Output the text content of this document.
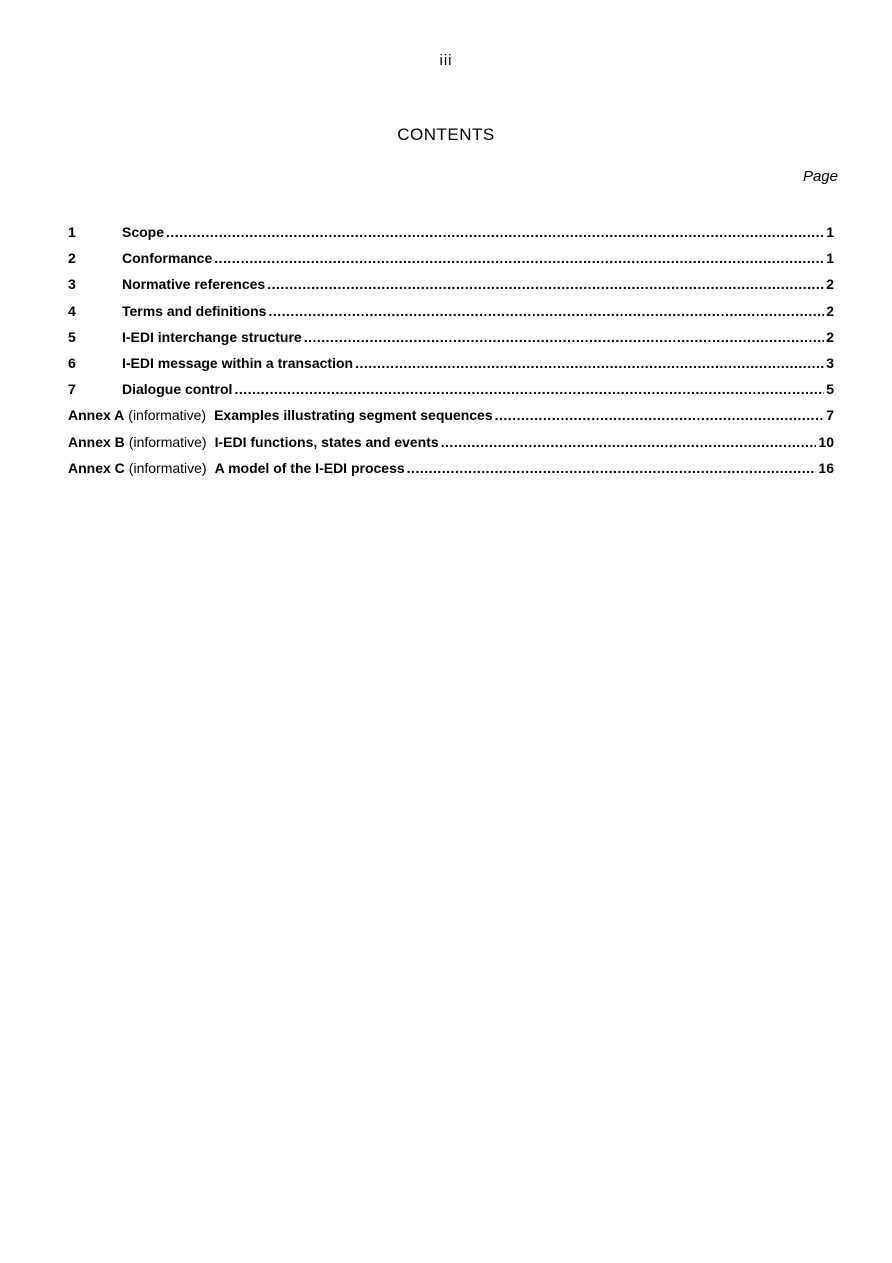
iii
CONTENTS
Page
1	Scope .....	1
2	Conformance .....	1
3	Normative references .....	2
4	Terms and definitions .....	2
5	I-EDI interchange structure .....	2
6	I-EDI message within a transaction .....	3
7	Dialogue control .....	5
Annex A (informative) Examples illustrating segment sequences .....	7
Annex B (informative) I-EDI functions, states and events .....	10
Annex C (informative) A model of the I-EDI process .....	16
